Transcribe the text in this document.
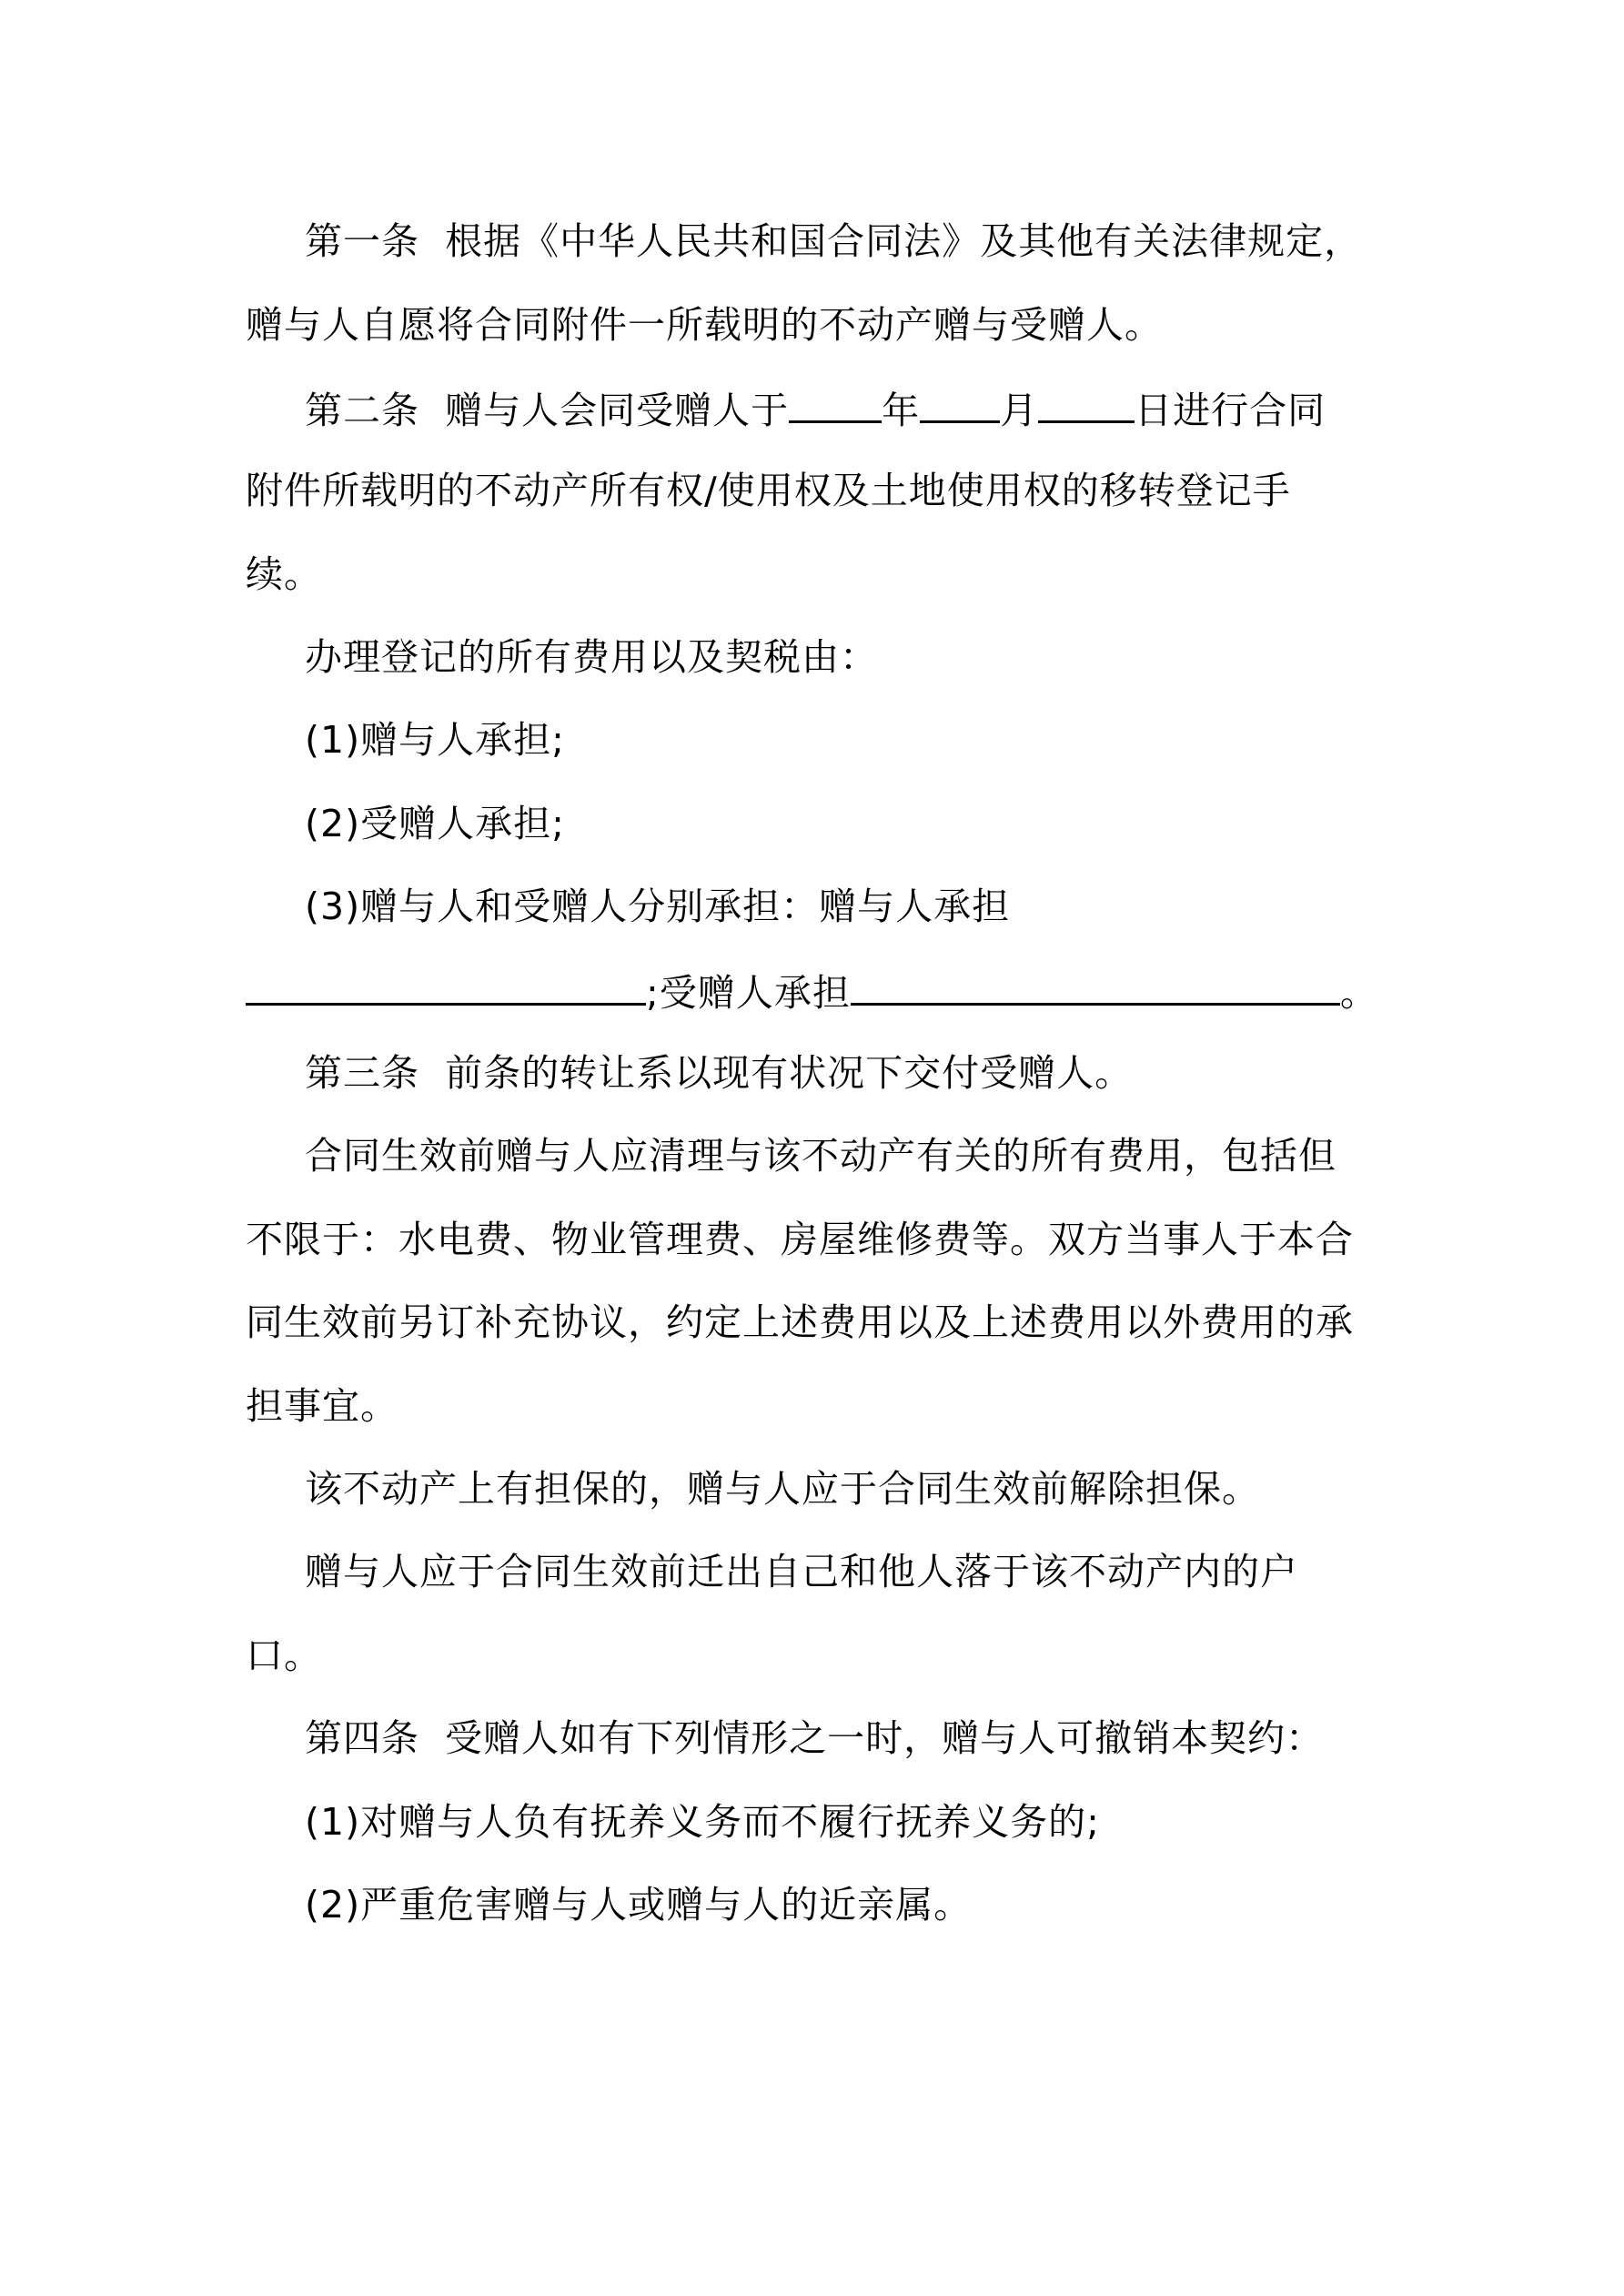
第一条  根据《中华人民共和国合同法》及其他有关法律规定，
赠与人自愿将合同附件一所载明的不动产赠与受赠人。
第二条  赠与人会同受赠人于 年 月	日进行合同
附件所载明的不动产所有权/使用权及土地使用权的移转登记手
续。
办理登记的所有费用以及契税由：
(1)赠与人承担;
(2)受赠人承担;
(3)赠与人和受赠人分别承担：赠与人承担
;受赠人承担	。
第三条  前条的转让系以现有状况下交付受赠人。
合同生效前赠与人应清理与该不动产有关的所有费用，包括但
不限于：水电费、物业管理费、房屋维修费等。双方当事人于本合
同生效前另订补充协议，约定上述费用以及上述费用以外费用的承
担事宜。
该不动产上有担保的，赠与人应于合同生效前解除担保。
赠与人应于合同生效前迁出自己和他人落于该不动产内的户
口。
第四条  受赠人如有下列情形之一时，赠与人可撤销本契约：
(1)对赠与人负有抚养义务而不履行抚养义务的;
(2)严重危害赠与人或赠与人的近亲属。
